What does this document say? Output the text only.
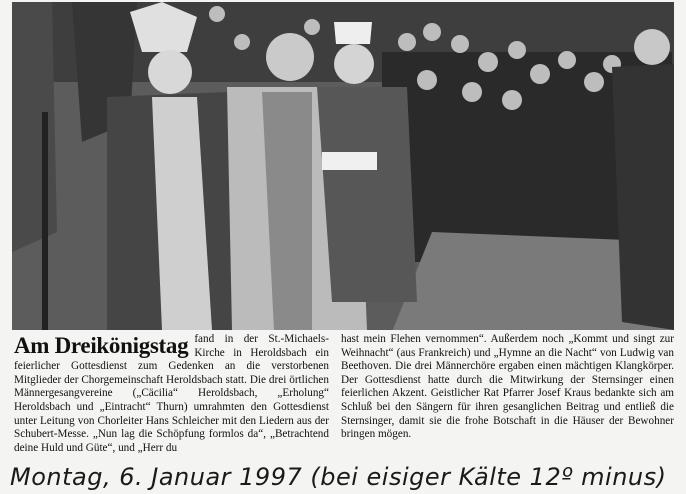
Am Dreikönigstag fand in der St.-Michaels-Kirche in Heroldsbach ein feierlicher Gottesdienst zum Gedenken an die verstorbenen Mitglieder der Chorgemeinschaft Heroldsbach statt. Die drei örtlichen Männergesangvereine („Cäcilia“ Heroldsbach, „Erholung“ Heroldsbach und „Eintracht“ Thurn) umrahmten den Gottesdienst unter Leitung von Chorleiter Hans Schleicher mit den Liedern aus der Schubert-Messe. „Nun lag die Schöpfung formlos da“, „Betrachtend deine Huld und Güte“, und „Herr du

hast mein Flehen vernommen“. Außerdem noch „Kommt und singt zur Weihnacht“ (aus Frankreich) und „Hymne an die Nacht“ von Ludwig van Beethoven. Die drei Männerchöre ergaben einen mächtigen Klangkörper. Der Gottesdienst hatte durch die Mitwirkung der Sternsinger einen feierlichen Akzent. Geistlicher Rat Pfarrer Josef Kraus bedankte sich am Schluß bei den Sängern für ihren gesanglichen Beitrag und entließ die Sternsinger, damit sie die frohe Botschaft in die Häuser der Bewohner bringen mögen.

Montag, 6. Januar 1997 (bei eisiger Kälte 12º minus)
